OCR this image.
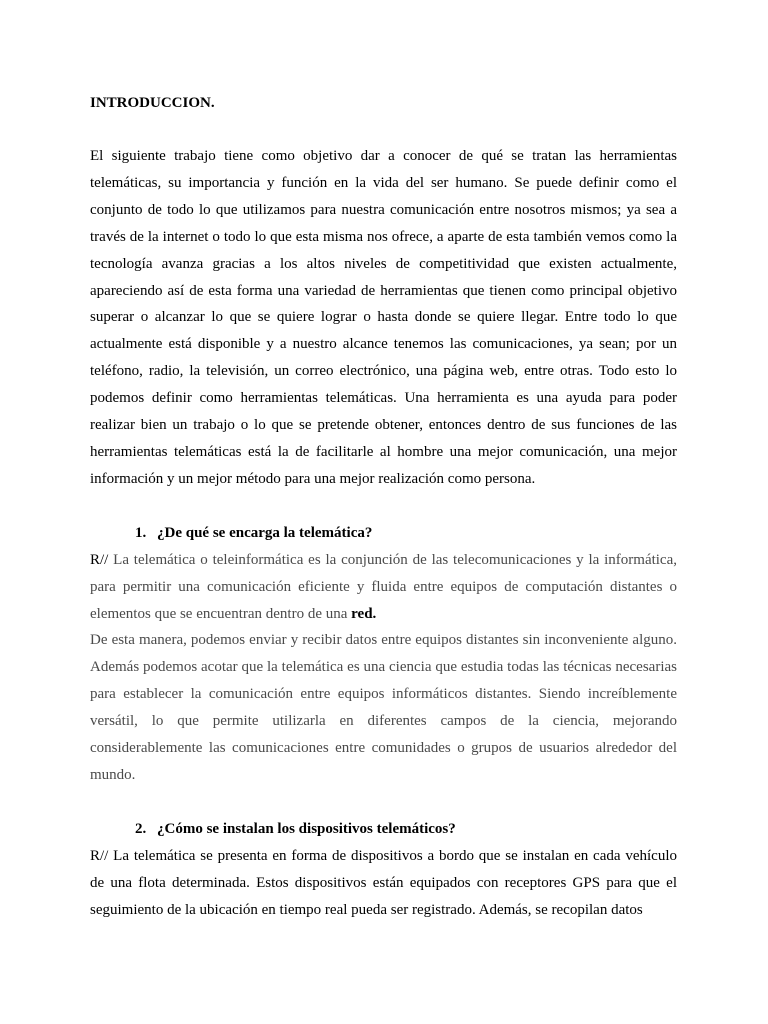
INTRODUCCION.

El siguiente trabajo tiene como objetivo dar a conocer de qué se tratan las herramientas telemáticas, su importancia y función en la vida del ser humano. Se puede definir como el conjunto de todo lo que utilizamos para nuestra comunicación entre nosotros mismos; ya sea a través de la internet o todo lo que esta misma nos ofrece, a aparte de esta también vemos como la tecnología avanza gracias a los altos niveles de competitividad que existen actualmente, apareciendo así de esta forma una variedad de herramientas que tienen como principal objetivo superar o alcanzar lo que se quiere lograr o hasta donde se quiere llegar. Entre todo lo que actualmente está disponible y a nuestro alcance tenemos las comunicaciones, ya sean; por un teléfono, radio, la televisión, un correo electrónico, una página web, entre otras. Todo esto lo podemos definir como herramientas telemáticas. Una herramienta es una ayuda para poder realizar bien un trabajo o lo que se pretende obtener, entonces dentro de sus funciones de las herramientas telemáticas está la de facilitarle al hombre una mejor comunicación, una mejor información y un mejor método para una mejor realización como persona.

1. ¿De qué se encarga la telemática?

R// La telemática o teleinformática es la conjunción de las telecomunicaciones y la informática, para permitir una comunicación eficiente y fluida entre equipos de computación distantes o elementos que se encuentran dentro de una red.

De esta manera, podemos enviar y recibir datos entre equipos distantes sin inconveniente alguno. Además podemos acotar que la telemática es una ciencia que estudia todas las técnicas necesarias para establecer la comunicación entre equipos informáticos distantes. Siendo increíblemente versátil, lo que permite utilizarla en diferentes campos de la ciencia, mejorando considerablemente las comunicaciones entre comunidades o grupos de usuarios alrededor del mundo.

2. ¿Cómo se instalan los dispositivos telemáticos?

R// La telemática se presenta en forma de dispositivos a bordo que se instalan en cada vehículo de una flota determinada. Estos dispositivos están equipados con receptores GPS para que el seguimiento de la ubicación en tiempo real pueda ser registrado. Además, se recopilan datos
